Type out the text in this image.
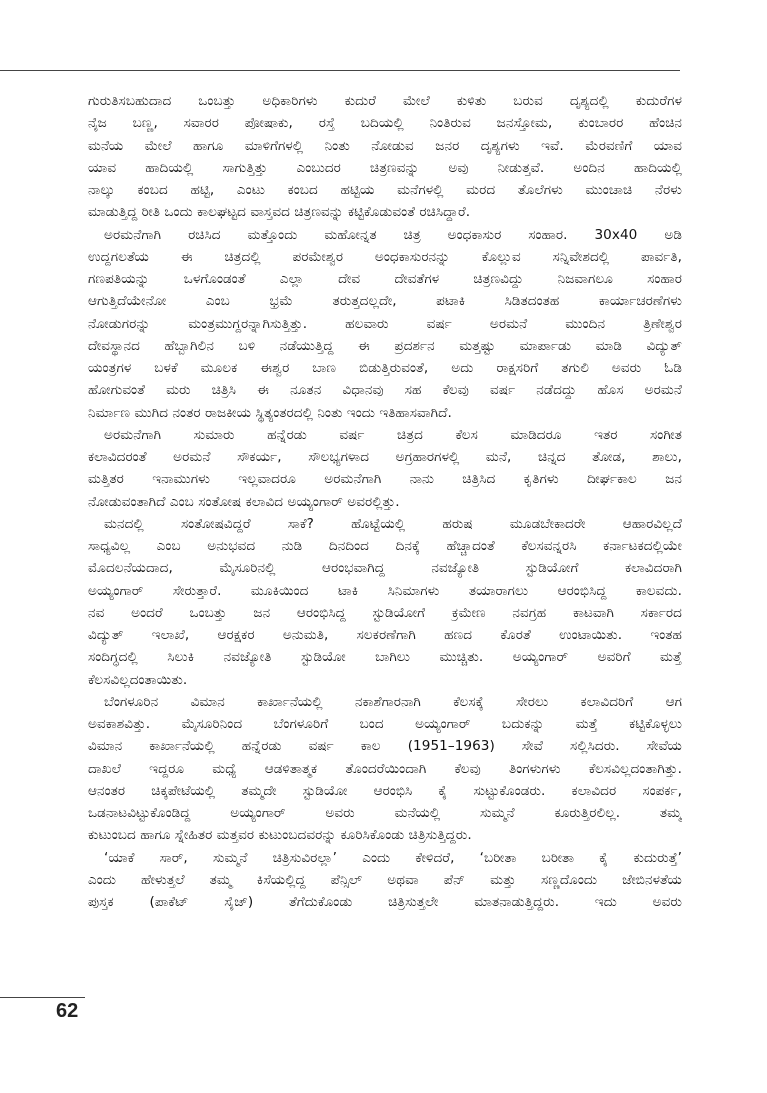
ಗುರುತಿಸಬಹುದಾದ ಒಂಬತ್ತು ಅಧಿಕಾರಿಗಳು ಕುದುರೆ ಮೇಲೆ ಕುಳಿತು ಬರುವ ದೃಶ್ಯದಲ್ಲಿ ಕುದುರೆಗಳ
ನೈಜ ಬಣ್ಣ, ಸವಾರರ ಪೋಷಾಕು, ರಸ್ತೆ ಬದಿಯಲ್ಲಿ ನಿಂತಿರುವ ಜನಸ್ತೋಮ, ಕುಂಬಾರರ ಹೆಂಚಿನ
ಮನೆಯ ಮೇಲೆ ಹಾಗೂ ಮಾಳಿಗೆಗಳಲ್ಲಿ ನಿಂತು ನೋಡುವ ಜನರ ದೃಶ್ಯಗಳು ಇವೆ. ಮೆರವಣಿಗೆ ಯಾವ
ಯಾವ ಹಾದಿಯಲ್ಲಿ ಸಾಗುತ್ತಿತ್ತು ಎಂಬುದರ ಚಿತ್ರಣವನ್ನು ಅವು ನೀಡುತ್ತವೆ. ಅಂದಿನ ಹಾದಿಯಲ್ಲಿ
ನಾಲ್ಕು ಕಂಬದ ಹಟ್ಟಿ, ಎಂಟು ಕಂಬದ ಹಟ್ಟಿಯ ಮನೆಗಳಲ್ಲಿ ಮರದ ತೊಲೆಗಳು ಮುಂಚಾಚಿ ನೆರಳು
ಮಾಡುತ್ತಿದ್ದ ರೀತಿ ಒಂದು ಕಾಲಘಟ್ಟದ ವಾಸ್ತವದ ಚಿತ್ರಣವನ್ನು ಕಟ್ಟಿಕೊಡುವಂತೆ ರಚಿಸಿದ್ದಾರೆ.
ಅರಮನೆಗಾಗಿ ರಚಿಸಿದ ಮತ್ತೊಂದು ಮಹೋನ್ನತ ಚಿತ್ರ ಅಂಧಕಾಸುರ ಸಂಹಾರ. 30x40 ಅಡಿ
ಉದ್ದಗಲತೆಯ ಈ ಚಿತ್ರದಲ್ಲಿ ಪರಮೇಶ್ವರ ಅಂಧಕಾಸುರನನ್ನು ಕೊಲ್ಲುವ ಸನ್ನಿವೇಶದಲ್ಲಿ ಪಾರ್ವತಿ,
ಗಣಪತಿಯನ್ನು ಒಳಗೊಂಡಂತೆ ಎಲ್ಲಾ ದೇವ ದೇವತೆಗಳ ಚಿತ್ರಣವಿದ್ದು ನಿಜವಾಗಲೂ ಸಂಹಾರ
ಆಗುತ್ತಿದೆಯೇನೋ ಎಂಬ ಭ್ರಮೆ ತರುತ್ತದಲ್ಲದೇ, ಪಟಾಕಿ ಸಿಡಿತದಂತಹ ಕಾರ್ಯಾಚರಣೆಗಳು
ನೋಡುಗರನ್ನು ಮಂತ್ರಮುಗ್ದರನ್ನಾಗಿಸುತ್ತಿತ್ತು. ಹಲವಾರು ವರ್ಷ ಅರಮನೆ ಮುಂದಿನ ತ್ರಿಣೇಶ್ವರ
ದೇವಸ್ಥಾನದ ಹೆಬ್ಬಾಗಿಲಿನ ಬಳಿ ನಡೆಯುತ್ತಿದ್ದ ಈ ಪ್ರದರ್ಶನ ಮತ್ತಷ್ಟು ಮಾರ್ಪಾಡು ಮಾಡಿ ವಿದ್ಯುತ್
ಯಂತ್ರಗಳ ಬಳಕೆ ಮೂಲಕ ಈಶ್ವರ ಬಾಣ ಬಿಡುತ್ತಿರುವಂತೆ, ಅದು ರಾಕ್ಷಸರಿಗೆ ತಗುಲಿ ಅವರು ಓಡಿ
ಹೋಗುವಂತೆ ಮರು ಚಿತ್ರಿಸಿ ಈ ನೂತನ ವಿಧಾನವು ಸಹ ಕೆಲವು ವರ್ಷ ನಡೆದದ್ದು ಹೊಸ ಅರಮನೆ
ನಿರ್ಮಾಣ ಮುಗಿದ ನಂತರ ರಾಜಕೀಯ ಸ್ಥಿತ್ಯಂತರದಲ್ಲಿ ನಿಂತು ಇಂದು ಇತಿಹಾಸವಾಗಿದೆ.
ಅರಮನೆಗಾಗಿ ಸುಮಾರು ಹನ್ನೆರಡು ವರ್ಷ ಚಿತ್ರದ ಕೆಲಸ ಮಾಡಿದರೂ ಇತರ ಸಂಗೀತ
ಕಲಾವಿದರಂತೆ ಅರಮನೆ ಸೌಕರ್ಯ, ಸೌಲಭ್ಯಗಳಾದ ಅಗ್ರಹಾರಗಳಲ್ಲಿ ಮನೆ, ಚಿನ್ನದ ತೋಡ, ಶಾಲು,
ಮತ್ತಿತರ ಇನಾಮುಗಳು ಇಲ್ಲವಾದರೂ ಅರಮನೆಗಾಗಿ ನಾನು ಚಿತ್ರಿಸಿದ ಕೃತಿಗಳು ದೀರ್ಘಕಾಲ ಜನ
ನೋಡುವಂತಾಗಿದೆ ಎಂಬ ಸಂತೋಷ ಕಲಾವಿದ ಅಯ್ಯಂಗಾರ್ ಅವರಲ್ಲಿತ್ತು.
ಮನದಲ್ಲಿ ಸಂತೋಷವಿದ್ದರೆ ಸಾಕೆ? ಹೊಟ್ಟೆಯಲ್ಲಿ ಹರುಷ ಮೂಡಬೇಕಾದರೇ ಆಹಾರವಿಲ್ಲದೆ
ಸಾಧ್ಯವಿಲ್ಲ ಎಂಬ ಅನುಭವದ ನುಡಿ ದಿನದಿಂದ ದಿನಕ್ಕೆ ಹೆಚ್ಚಾದಂತೆ ಕೆಲಸವನ್ನರಸಿ ಕರ್ನಾಟಕದಲ್ಲಿಯೇ
ಮೊದಲನೆಯದಾದ, ಮೈಸೂರಿನಲ್ಲಿ ಆರಂಭವಾಗಿದ್ದ ನವಜ್ಯೋತಿ ಸ್ಟುಡಿಯೋಗೆ ಕಲಾವಿದರಾಗಿ
ಅಯ್ಯಂಗಾರ್ ಸೇರುತ್ತಾರೆ. ಮೂಕಿಯಿಂದ ಟಾಕಿ ಸಿನಿಮಾಗಳು ತಯಾರಾಗಲು ಆರಂಭಿಸಿದ್ದ ಕಾಲವದು.
ನವ ಅಂದರೆ ಒಂಬತ್ತು ಜನ ಆರಂಭಿಸಿದ್ದ ಸ್ಟುಡಿಯೋಗೆ ಕ್ರಮೇಣ ನವಗ್ರಹ ಕಾಟವಾಗಿ ಸರ್ಕಾರದ
ವಿದ್ಯುತ್ ಇಲಾಖೆ, ಆರಕ್ಷಕರ ಅನುಮತಿ, ಸಲಕರಣೆಗಾಗಿ ಹಣದ ಕೊರತೆ ಉಂಟಾಯಿತು. ಇಂತಹ
ಸಂದಿಗ್ಧದಲ್ಲಿ ಸಿಲುಕಿ ನವಜ್ಯೋತಿ ಸ್ಟುಡಿಯೋ ಬಾಗಿಲು ಮುಚ್ಚಿತು. ಅಯ್ಯಂಗಾರ್ ಅವರಿಗೆ ಮತ್ತೆ
ಕೆಲಸವಿಲ್ಲದಂತಾಯಿತು.
ಬೆಂಗಳೂರಿನ ವಿಮಾನ ಕಾರ್ಖಾನೆಯಲ್ಲಿ ನಕಾಶೆಗಾರನಾಗಿ ಕೆಲಸಕ್ಕೆ ಸೇರಲು ಕಲಾವಿದರಿಗೆ ಆಗ
ಅವಕಾಶವಿತ್ತು. ಮೈಸೂರಿನಿಂದ ಬೆಂಗಳೂರಿಗೆ ಬಂದ ಅಯ್ಯಂಗಾರ್ ಬದುಕನ್ನು ಮತ್ತೆ ಕಟ್ಟಿಕೊಳ್ಳಲು
ವಿಮಾನ ಕಾರ್ಖಾನೆಯಲ್ಲಿ ಹನ್ನೆರಡು ವರ್ಷ ಕಾಲ (1951–1963) ಸೇವೆ ಸಲ್ಲಿಸಿದರು. ಸೇವೆಯ
ದಾಖಲೆ ಇದ್ದರೂ ಮಧ್ಯೆ ಆಡಳಿತಾತ್ಮಕ ತೊಂದರೆಯಿಂದಾಗಿ ಕೆಲವು ತಿಂಗಳುಗಳು ಕೆಲಸವಿಲ್ಲದಂತಾಗಿತ್ತು.
ಆನಂತರ ಚಿಕ್ಕಪೇಟೆಯಲ್ಲಿ ತಮ್ಮದೇ ಸ್ಟುಡಿಯೋ ಆರಂಭಿಸಿ ಕೈ ಸುಟ್ಟುಕೊಂಡರು. ಕಲಾವಿದರ ಸಂಪರ್ಕ,
ಒಡನಾಟವಿಟ್ಟುಕೊಂಡಿದ್ದ ಅಯ್ಯಂಗಾರ್ ಅವರು ಮನೆಯಲ್ಲಿ ಸುಮ್ಮನೆ ಕೂರುತ್ತಿರಲಿಲ್ಲ. ತಮ್ಮ
ಕುಟುಂಬದ ಹಾಗೂ ಸ್ನೇಹಿತರ ಮತ್ತವರ ಕುಟುಂಬದವರನ್ನು ಕೂರಿಸಿಕೊಂಡು ಚಿತ್ರಿಸುತ್ತಿದ್ದರು.
‘ಯಾಕೆ ಸಾರ್, ಸುಮ್ಮನೆ ಚಿತ್ರಿಸುವಿರಲ್ಲಾ’ ಎಂದು ಕೇಳಿದರೆ, ‘ಬರೀತಾ ಬರೀತಾ ಕೈ ಕುದುರುತ್ತೆ’
ಎಂದು ಹೇಳುತ್ತಲೆ ತಮ್ಮ ಕಿಸೆಯಲ್ಲಿದ್ದ ಪೆನ್ಸಿಲ್ ಅಥವಾ ಪೆನ್ ಮತ್ತು ಸಣ್ಣದೊಂದು ಜೇಬಿನಳತೆಯ
ಪುಸ್ತಕ (ಪಾಕೆಟ್ ಸೈಜ್) ತೆಗೆದುಕೊಂಡು ಚಿತ್ರಿಸುತ್ತಲೇ ಮಾತನಾಡುತ್ತಿದ್ದರು. ಇದು ಅವರು
62
